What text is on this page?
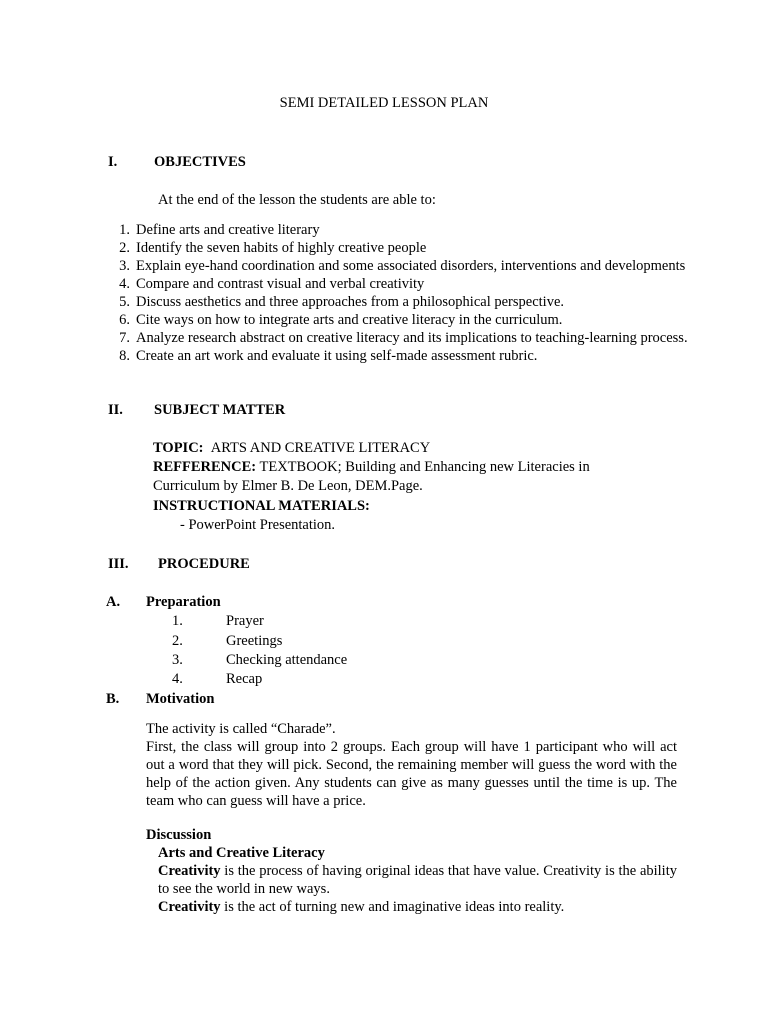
SEMI DETAILED LESSON PLAN
I.	OBJECTIVES
At the end of the lesson the students are able to:
1. Define arts and creative literary
2. Identify the seven habits of highly creative people
3. Explain eye-hand coordination and some associated disorders, interventions and developments
4. Compare and contrast visual and verbal creativity
5. Discuss aesthetics and three approaches from a philosophical perspective.
6. Cite ways on how to integrate arts and creative literacy in the curriculum.
7. Analyze research abstract on creative literacy and its implications to teaching-learning process.
8. Create an art work and evaluate it using self-made assessment rubric.
II. SUBJECT MATTER
TOPIC: ARTS AND CREATIVE LITERACY
REFFERENCE: TEXTBOOK; Building and Enhancing new Literacies in
Curriculum by Elmer B. De Leon, DEM.Page.
INSTRUCTIONAL MATERIALS:
- PowerPoint Presentation.
III. PROCEDURE
A. Preparation
1.	Prayer
2.	Greetings
3.	Checking attendance
4.	Recap
B. Motivation
The activity is called “Charade”.
First, the class will group into 2 groups. Each group will have 1 participant who will act out a word that they will pick. Second, the remaining member will guess the word with the help of the action given. Any students can give as many guesses until the time is up. The team who can guess will have a price.
Discussion
Arts and Creative Literacy
Creativity is the process of having original ideas that have value. Creativity is the ability to see the world in new ways.
Creativity is the act of turning new and imaginative ideas into reality.
